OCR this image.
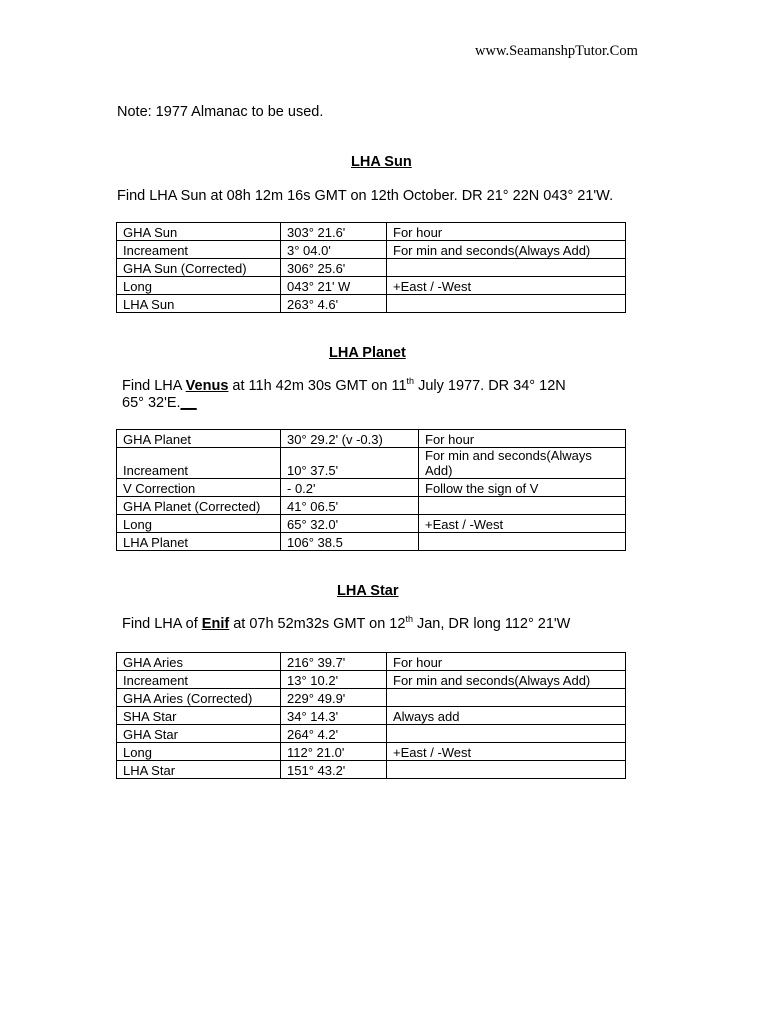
www.SeamanshpTutor.Com
Note: 1977 Almanac to be used.
LHA Sun
Find LHA Sun at 08h 12m 16s GMT on 12th October. DR 21° 22N 043° 21'W.
GHA Sun	303° 21.6'	For hour
Increament	3° 04.0'	For min and seconds(Always Add)
GHA Sun (Corrected)	306° 25.6'	
Long	043° 21' W	+East / -West
LHA Sun	263° 4.6'	
LHA Planet
Find LHA Venus at 11h 42m 30s GMT on 11th July 1977. DR 34° 12N
65° 32'E.__
GHA Planet	30° 29.2' (v -0.3)	For hour
Increament	10° 37.5'	For min and seconds(Always Add)
V Correction	- 0.2'	Follow the sign of V
GHA Planet (Corrected)	41° 06.5'	
Long	65° 32.0'	+East / -West
LHA Planet	106° 38.5	
LHA Star
Find LHA of Enif at 07h 52m32s GMT on 12th Jan, DR long 112° 21'W
GHA Aries	216° 39.7'	For hour
Increament	13° 10.2'	For min and seconds(Always Add)
GHA Aries (Corrected)	229° 49.9'	
SHA Star	34° 14.3'	Always add
GHA Star	264° 4.2'	
Long	112° 21.0'	+East / -West
LHA Star	151° 43.2'	
